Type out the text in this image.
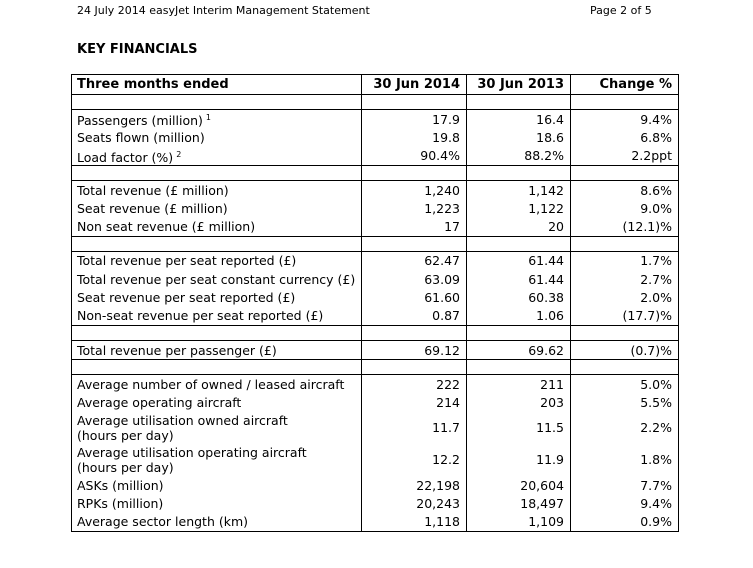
24 July 2014 easyJet Interim Management Statement	Page 2 of 5
KEY FINANCIALS
Three months ended	30 Jun 2014	30 Jun 2013	Change %

Passengers (million) $^1$	17.9	16.4	9.4%
Seats flown (million)	19.8	18.6	6.8%
Load factor (%) $^2$	90.4%	88.2%	2.2ppt

Total revenue (£ million)	1,240	1,142	8.6%
Seat revenue (£ million)	1,223	1,122	9.0%
Non seat revenue (£ million)	17	20	(12.1)%

Total revenue per seat reported (£)	62.47	61.44	1.7%
Total revenue per seat constant currency (£)	63.09	61.44	2.7%
Seat revenue per seat reported (£)	61.60	60.38	2.0%
Non-seat revenue per seat reported (£)	0.87	1.06	(17.7)%

Total revenue per passenger (£)	69.12	69.62	(0.7)%

Average number of owned / leased aircraft	222	211	5.0%
Average operating aircraft	214	203	5.5%
Average utilisation owned aircraft
(hours per day)	11.7	11.5	2.2%
Average utilisation operating aircraft
(hours per day)	12.2	11.9	1.8%
ASKs (million)	22,198	20,604	7.7%
RPKs (million)	20,243	18,497	9.4%
Average sector length (km)	1,118	1,109	0.9%
